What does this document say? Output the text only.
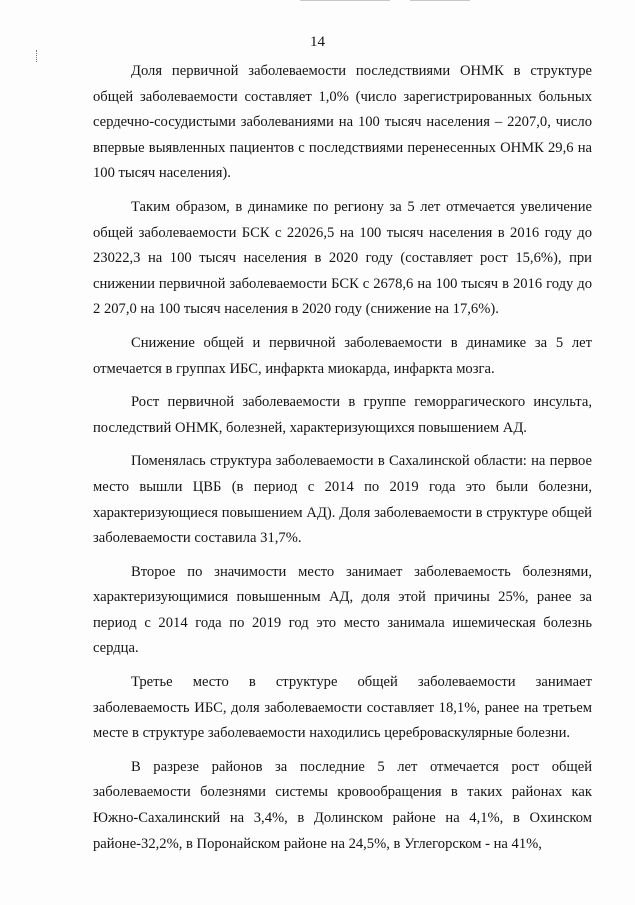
14

Доля первичной заболеваемости последствиями ОНМК в структуре общей заболеваемости составляет 1,0% (число зарегистрированных больных сердечно-сосудистыми заболеваниями на 100 тысяч населения – 2207,0, число впервые выявленных пациентов с последствиями перенесенных ОНМК 29,6 на 100 тысяч населения).

Таким образом, в динамике по региону за 5 лет отмечается увеличение общей заболеваемости БСК с 22026,5 на 100 тысяч населения в 2016 году до 23022,3 на 100 тысяч населения в 2020 году (составляет рост 15,6%), при снижении первичной заболеваемости БСК с 2678,6 на 100 тысяч в 2016 году до 2 207,0 на 100 тысяч населения в 2020 году (снижение на 17,6%).

Снижение общей и первичной заболеваемости в динамике за 5 лет отмечается в группах ИБС, инфаркта миокарда, инфаркта мозга.

Рост первичной заболеваемости в группе геморрагического инсульта, последствий ОНМК, болезней, характеризующихся повышением АД.

Поменялась структура заболеваемости в Сахалинской области: на первое место вышли ЦВБ (в период с 2014 по 2019 года это были болезни, характеризующиеся повышением АД). Доля заболеваемости в структуре общей заболеваемости составила 31,7%.

Второе по значимости место занимает заболеваемость болезнями, характеризующимися повышенным АД, доля этой причины 25%, ранее за период с 2014 года по 2019 год это место занимала ишемическая болезнь сердца.

Третье место в структуре общей заболеваемости занимает заболеваемость ИБС, доля заболеваемости составляет 18,1%, ранее на третьем месте в структуре заболеваемости находились цереброваскулярные болезни.

В разрезе районов за последние 5 лет отмечается рост общей заболеваемости болезнями системы кровообращения в таких районах как Южно-Сахалинский на 3,4%, в Долинском районе на 4,1%, в Охинском районе-32,2%, в Поронайском районе на 24,5%, в Углегорском - на 41%,
